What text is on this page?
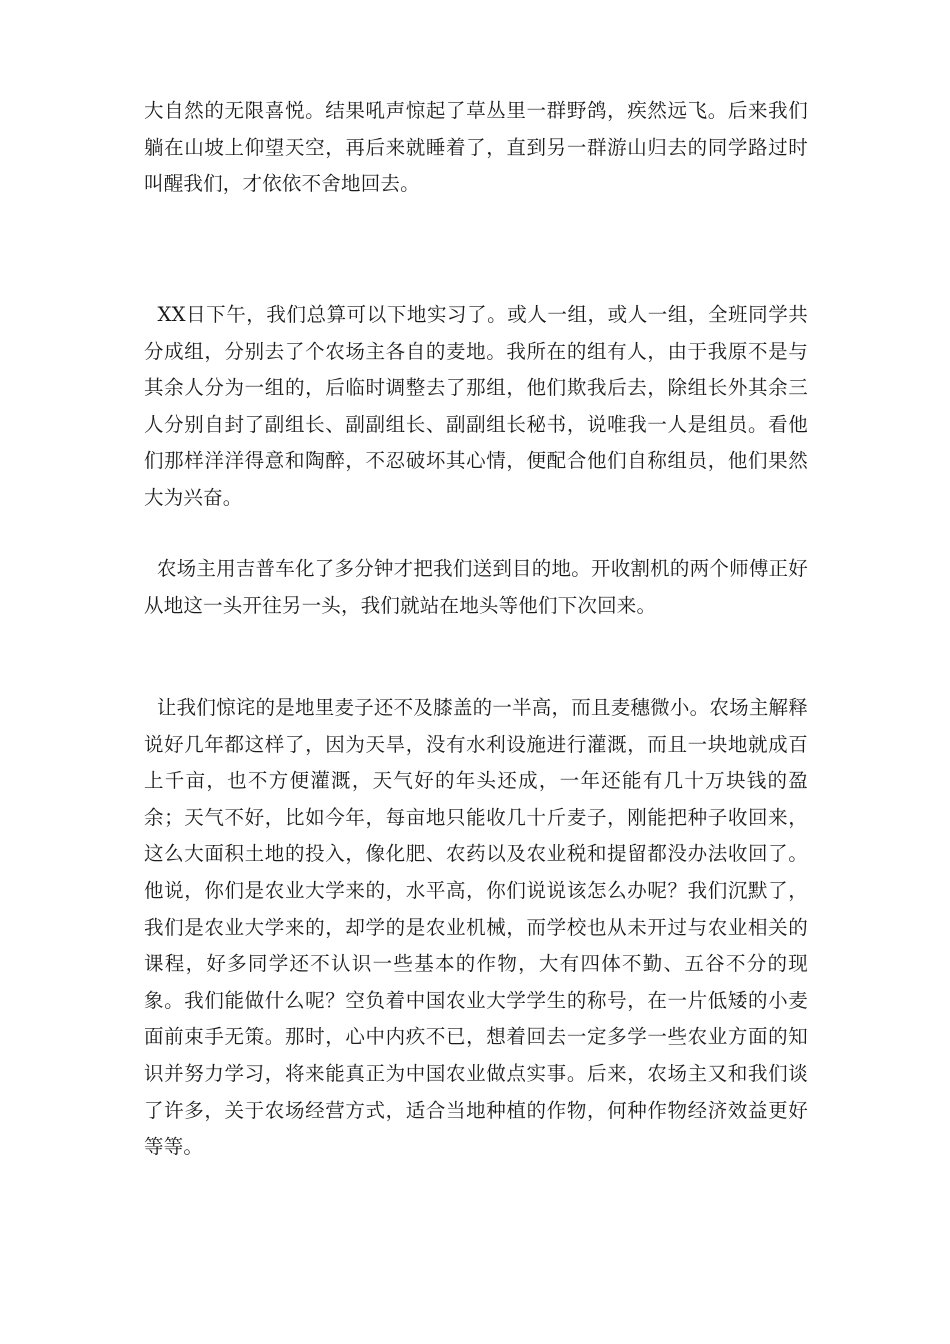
大自然的无限喜悦。结果吼声惊起了草丛里一群野鸽，疾然远飞。后来我们躺在山坡上仰望天空，再后来就睡着了，直到另一群游山归去的同学路过时叫醒我们，才依依不舍地回去。

XX日下午，我们总算可以下地实习了。或人一组，或人一组，全班同学共分成组，分别去了个农场主各自的麦地。我所在的组有人，由于我原不是与其余人分为一组的，后临时调整去了那组，他们欺我后去，除组长外其余三人分别自封了副组长、副副组长、副副组长秘书，说唯我一人是组员。看他们那样洋洋得意和陶醉，不忍破坏其心情，便配合他们自称组员，他们果然大为兴奋。

农场主用吉普车化了多分钟才把我们送到目的地。开收割机的两个师傅正好从地这一头开往另一头，我们就站在地头等他们下次回来。

让我们惊诧的是地里麦子还不及膝盖的一半高，而且麦穗微小。农场主解释说好几年都这样了，因为天旱，没有水利设施进行灌溉，而且一块地就成百上千亩，也不方便灌溉，天气好的年头还成，一年还能有几十万块钱的盈余；天气不好，比如今年，每亩地只能收几十斤麦子，刚能把种子收回来，这么大面积土地的投入，像化肥、农药以及农业税和提留都没办法收回了。他说，你们是农业大学来的，水平高，你们说说该怎么办呢？我们沉默了，我们是农业大学来的，却学的是农业机械，而学校也从未开过与农业相关的课程，好多同学还不认识一些基本的作物，大有四体不勤、五谷不分的现象。我们能做什么呢？空负着中国农业大学学生的称号，在一片低矮的小麦面前束手无策。那时，心中内疚不已，想着回去一定多学一些农业方面的知识并努力学习，将来能真正为中国农业做点实事。后来，农场主又和我们谈了许多，关于农场经营方式，适合当地种植的作物，何种作物经济效益更好等等。
